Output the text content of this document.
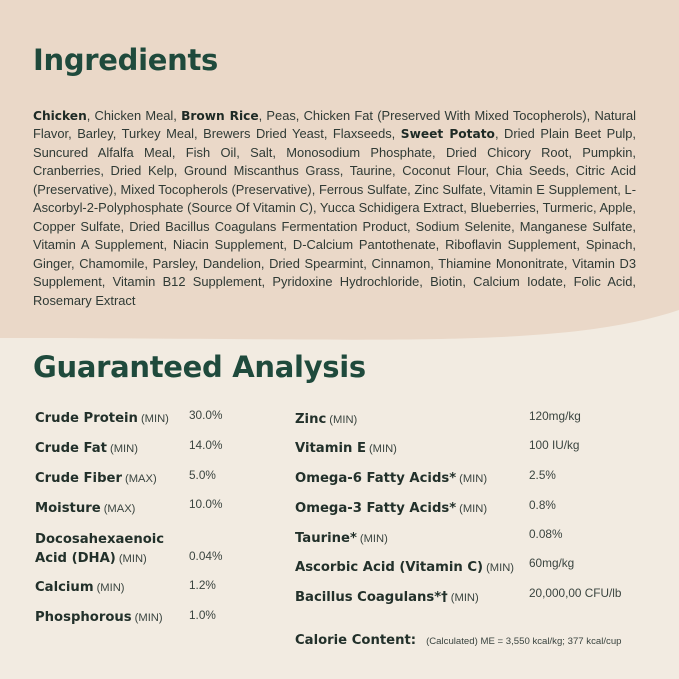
Ingredients

Chicken, Chicken Meal, Brown Rice, Peas, Chicken Fat (Preserved With Mixed Tocopherols), Natural Flavor, Barley, Turkey Meal, Brewers Dried Yeast, Flaxseeds, Sweet Potato, Dried Plain Beet Pulp, Suncured Alfalfa Meal, Fish Oil, Salt, Monosodium Phosphate, Dried Chicory Root, Pumpkin, Cranberries, Dried Kelp, Ground Miscanthus Grass, Taurine, Coconut Flour, Chia Seeds, Citric Acid (Preservative), Mixed Tocopherols (Preservative), Ferrous Sulfate, Zinc Sulfate, Vitamin E Supplement, L-Ascorbyl-2-Polyphosphate (Source Of Vitamin C), Yucca Schidigera Extract, Blueberries, Turmeric, Apple, Copper Sulfate, Dried Bacillus Coagulans Fermentation Product, Sodium Selenite, Manganese Sulfate, Vitamin A Supplement, Niacin Supplement, D-Calcium Pantothenate, Riboflavin Supplement, Spinach, Ginger, Chamomile, Parsley, Dandelion, Dried Spearmint, Cinnamon, Thiamine Mononitrate, Vitamin D3 Supplement, Vitamin B12 Supplement, Pyridoxine Hydrochloride, Biotin, Calcium Iodate, Folic Acid, Rosemary Extract

Guaranteed Analysis
Crude Protein (MIN) 30.0%
Crude Fat (MIN)	14.0%
Crude Fiber (MAX)	5.0%
Moisture (MAX)	10.0%
Docosahexaenoic
Acid (DHA) (MIN)	0.04%
Calcium (MIN)	1.2%
Phosphorous (MIN) 1.0%
Zinc (MIN)	120mg/kg
Vitamin E (MIN)	100 IU/kg
Omega-6 Fatty Acids* (MIN)	2.5%
Omega-3 Fatty Acids* (MIN)	0.8%
Taurine* (MIN)	0.08%
Ascorbic Acid (Vitamin C) (MIN) 60mg/kg
Bacillus Coagulans*† (MIN)	20,000,00 CFU/lb
Calorie Content: (Calculated) ME = 3,550 kcal/kg; 377 kcal/cup
